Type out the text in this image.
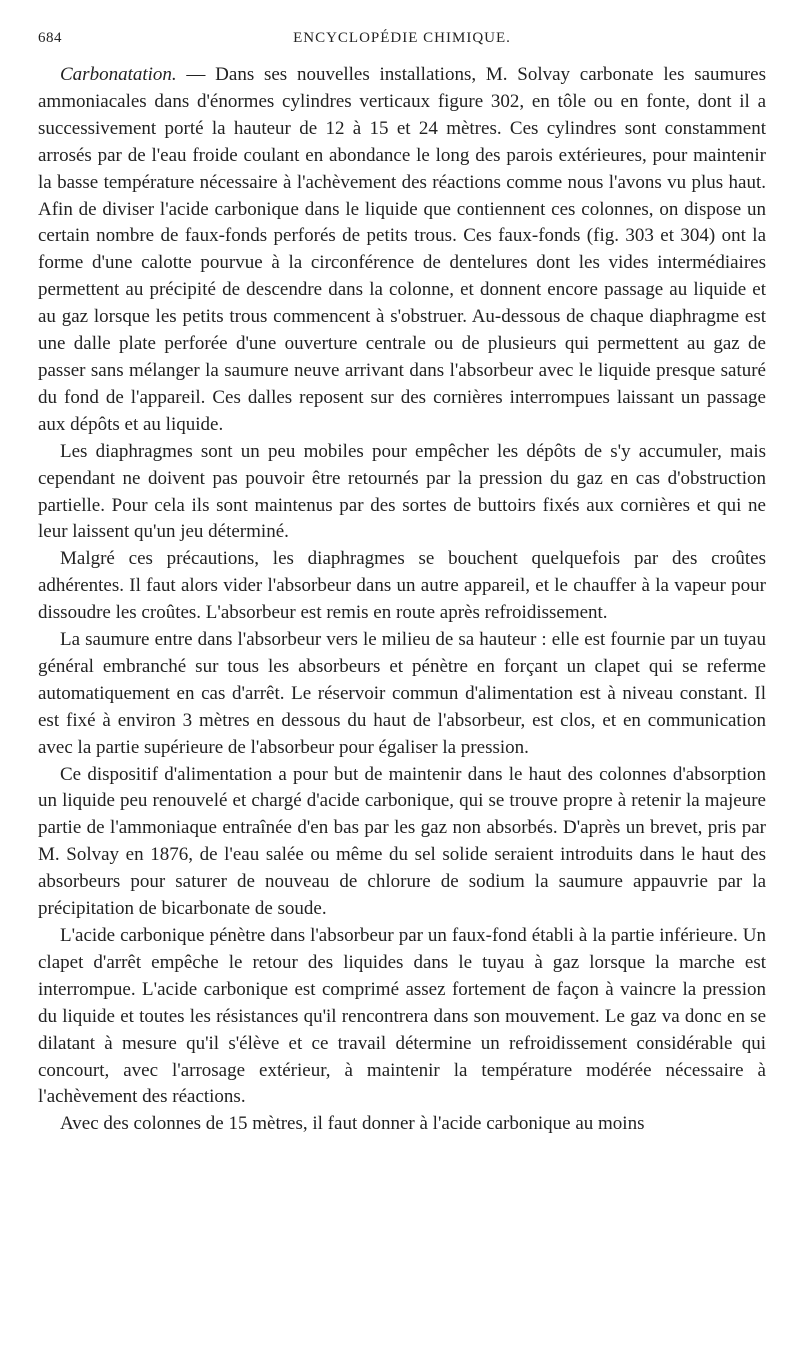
684	ENCYCLOPÉDIE CHIMIQUE.

Carbonatation. — Dans ses nouvelles installations, M. Solvay carbonate les saumures ammoniacales dans d'énormes cylindres verticaux figure 302, en tôle ou en fonte, dont il a successivement porté la hauteur de 12 à 15 et 24 mètres. Ces cylindres sont constamment arrosés par de l'eau froide coulant en abondance le long des parois extérieures, pour maintenir la basse température nécessaire à l'achèvement des réactions comme nous l'avons vu plus haut. Afin de diviser l'acide carbonique dans le liquide que contiennent ces colonnes, on dispose un certain nombre de faux-fonds perforés de petits trous. Ces faux-fonds (fig. 303 et 304) ont la forme d'une calotte pourvue à la circonférence de dentelures dont les vides intermédiaires permettent au précipité de descendre dans la colonne, et donnent encore passage au liquide et au gaz lorsque les petits trous commencent à s'obstruer. Au-dessous de chaque diaphragme est une dalle plate perforée d'une ouverture centrale ou de plusieurs qui permettent au gaz de passer sans mélanger la saumure neuve arrivant dans l'absorbeur avec le liquide presque saturé du fond de l'appareil. Ces dalles reposent sur des cornières interrompues laissant un passage aux dépôts et au liquide.

Les diaphragmes sont un peu mobiles pour empêcher les dépôts de s'y accumuler, mais cependant ne doivent pas pouvoir être retournés par la pression du gaz en cas d'obstruction partielle. Pour cela ils sont maintenus par des sortes de buttoirs fixés aux cornières et qui ne leur laissent qu'un jeu déterminé.

Malgré ces précautions, les diaphragmes se bouchent quelquefois par des croûtes adhérentes. Il faut alors vider l'absorbeur dans un autre appareil, et le chauffer à la vapeur pour dissoudre les croûtes. L'absorbeur est remis en route après refroidissement.

La saumure entre dans l'absorbeur vers le milieu de sa hauteur : elle est fournie par un tuyau général embranché sur tous les absorbeurs et pénètre en forçant un clapet qui se referme automatiquement en cas d'arrêt. Le réservoir commun d'alimentation est à niveau constant. Il est fixé à environ 3 mètres en dessous du haut de l'absorbeur, est clos, et en communication avec la partie supérieure de l'absorbeur pour égaliser la pression.

Ce dispositif d'alimentation a pour but de maintenir dans le haut des colonnes d'absorption un liquide peu renouvelé et chargé d'acide carbonique, qui se trouve propre à retenir la majeure partie de l'ammoniaque entraînée d'en bas par les gaz non absorbés. D'après un brevet, pris par M. Solvay en 1876, de l'eau salée ou même du sel solide seraient introduits dans le haut des absorbeurs pour saturer de nouveau de chlorure de sodium la saumure appauvrie par la précipitation de bicarbonate de soude.

L'acide carbonique pénètre dans l'absorbeur par un faux-fond établi à la partie inférieure. Un clapet d'arrêt empêche le retour des liquides dans le tuyau à gaz lorsque la marche est interrompue. L'acide carbonique est comprimé assez fortement de façon à vaincre la pression du liquide et toutes les résistances qu'il rencontrera dans son mouvement. Le gaz va donc en se dilatant à mesure qu'il s'élève et ce travail détermine un refroidissement considérable qui concourt, avec l'arrosage extérieur, à maintenir la température modérée nécessaire à l'achèvement des réactions.

Avec des colonnes de 15 mètres, il faut donner à l'acide carbonique au moins
